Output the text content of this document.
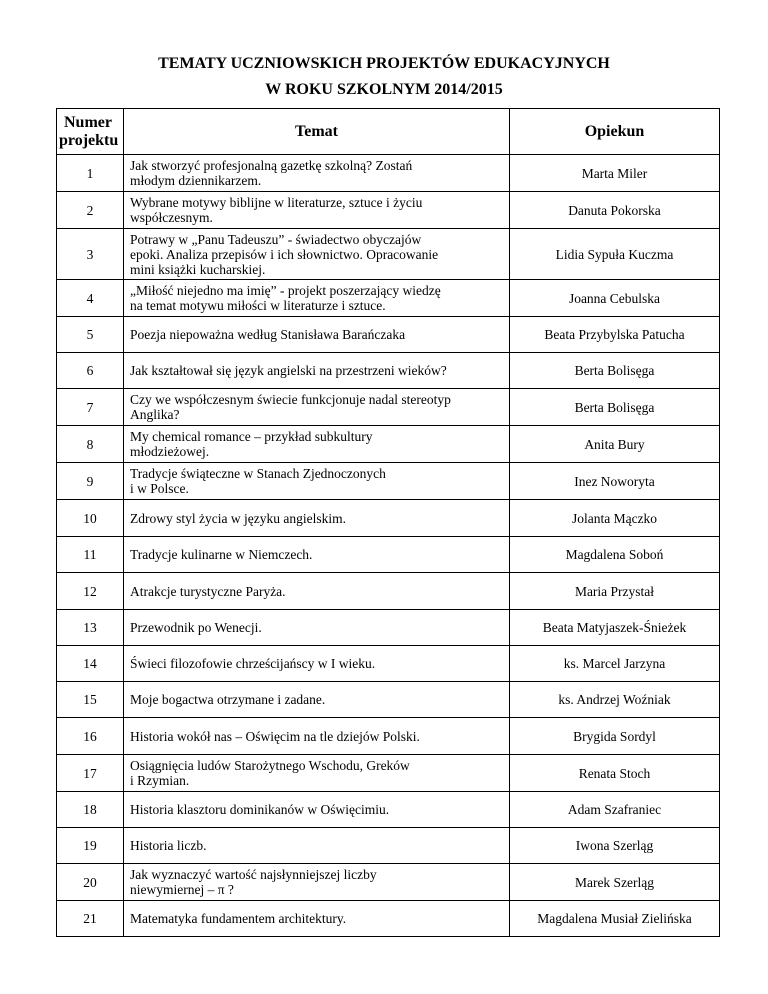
TEMATY UCZNIOWSKICH PROJEKTÓW EDUKACYJNYCH
W ROKU SZKOLNYM 2014/2015
Numer
projektu	Temat	Opiekun
1	Jak stworzyć profesjonalną gazetkę szkolną? Zostań
młodym dziennikarzem.	Marta Miler
2	Wybrane motywy biblijne w literaturze, sztuce i życiu
współczesnym.	Danuta Pokorska
3	Potrawy w „Panu Tadeuszu” - świadectwo obyczajów
epoki. Analiza przepisów i ich słownictwo. Opracowanie
mini książki kucharskiej.	Lidia Sypuła Kuczma
4	„Miłość niejedno ma imię” - projekt poszerzający wiedzę
na temat motywu miłości w literaturze i sztuce.	Joanna Cebulska
5	Poezja niepoważna według Stanisława Barańczaka	Beata Przybylska Patucha
6	Jak kształtował się język angielski na przestrzeni wieków?	Berta Bolisęga
7	Czy we współczesnym świecie funkcjonuje nadal stereotyp
Anglika?	Berta Bolisęga
8	My chemical romance – przykład subkultury
młodzieżowej.	Anita Bury
9	Tradycje świąteczne w Stanach Zjednoczonych
i w Polsce.	Inez Noworyta
10	Zdrowy styl życia w języku angielskim.	Jolanta Mączko
11	Tradycje kulinarne w Niemczech.	Magdalena Soboń
12	Atrakcje turystyczne Paryża.	Maria Przystał
13	Przewodnik po Wenecji.	Beata Matyjaszek-Śnieżek
14	Świeci filozofowie chrześcijańscy w I wieku.	ks. Marcel Jarzyna
15	Moje bogactwa otrzymane i zadane.	ks. Andrzej Woźniak
16	Historia wokół nas – Oświęcim na tle dziejów Polski.	Brygida Sordyl
17	Osiągnięcia ludów Starożytnego Wschodu, Greków
i Rzymian.	Renata Stoch
18	Historia klasztoru dominikanów w Oświęcimiu.	Adam Szafraniec
19	Historia liczb.	Iwona Szerląg
20	Jak wyznaczyć wartość najsłynniejszej liczby
niewymiernej – π ?	Marek Szerląg
21	Matematyka fundamentem architektury.	Magdalena Musiał Zielińska
